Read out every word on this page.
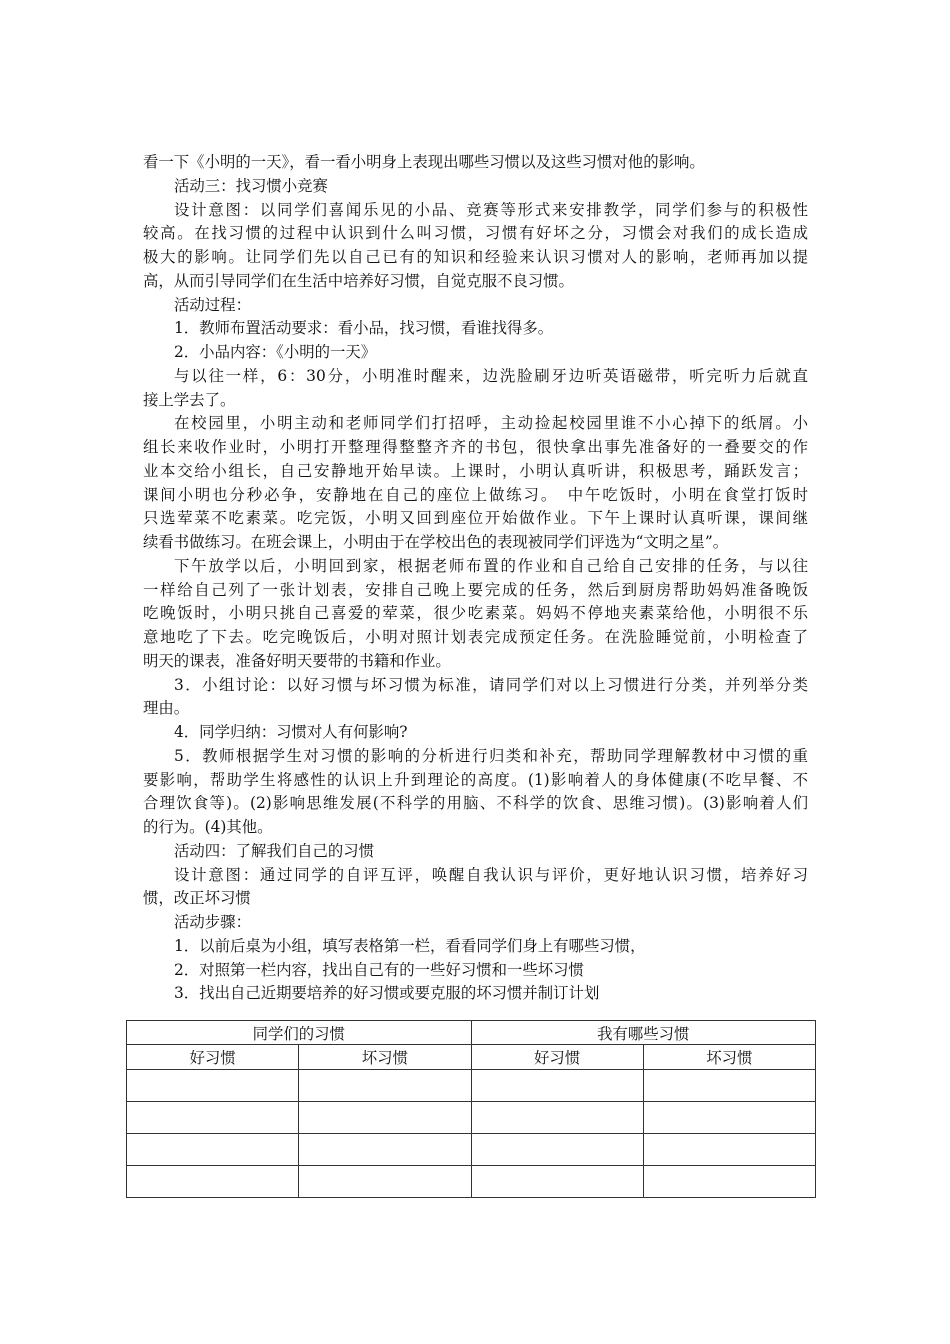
看一下《小明的一天》，看一看小明身上表现出哪些习惯以及这些习惯对他的影响。
活动三：找习惯小竞赛
设计意图：以同学们喜闻乐见的小品、竞赛等形式来安排教学，同学们参与的积极性
较高。在找习惯的过程中认识到什么叫习惯，习惯有好坏之分，习惯会对我们的成长造成
极大的影响。让同学们先以自己已有的知识和经验来认识习惯对人的影响，老师再加以提
高，从而引导同学们在生活中培养好习惯，自觉克服不良习惯。
活动过程：
1．教师布置活动要求：看小品，找习惯，看谁找得多。
2．小品内容：《小明的一天》
与以往一样，6：30分，小明准时醒来，边洗脸刷牙边听英语磁带，听完听力后就直
接上学去了。
在校园里，小明主动和老师同学们打招呼，主动捡起校园里谁不小心掉下的纸屑。小
组长来收作业时，小明打开整理得整整齐齐的书包，很快拿出事先准备好的一叠要交的作
业本交给小组长，自己安静地开始早读。上课时，小明认真听讲，积极思考，踊跃发言；
课间小明也分秒必争，安静地在自己的座位上做练习。　中午吃饭时，小明在食堂打饭时
只选荤菜不吃素菜。吃完饭，小明又回到座位开始做作业。下午上课时认真听课，课间继
续看书做练习。在班会课上，小明由于在学校出色的表现被同学们评选为“文明之星”。
下午放学以后，小明回到家，根据老师布置的作业和自己给自己安排的任务，与以往
一样给自己列了一张计划表，安排自己晚上要完成的任务，然后到厨房帮助妈妈准备晚饭
吃晚饭时，小明只挑自己喜爱的荤菜，很少吃素菜。妈妈不停地夹素菜给他，小明很不乐
意地吃了下去。吃完晚饭后，小明对照计划表完成预定任务。在洗脸睡觉前，小明检查了
明天的课表，准备好明天要带的书籍和作业。
3．小组讨论：以好习惯与坏习惯为标准，请同学们对以上习惯进行分类，并列举分类
理由。
4．同学归纳：习惯对人有何影响?
5．教师根据学生对习惯的影响的分析进行归类和补充，帮助同学理解教材中习惯的重
要影响，帮助学生将感性的认识上升到理论的高度。(1)影响着人的身体健康(不吃早餐、不
合理饮食等)。(2)影响思维发展(不科学的用脑、不科学的饮食、思维习惯)。(3)影响着人们
的行为。(4)其他。
活动四：了解我们自己的习惯
设计意图：通过同学的自评互评，唤醒自我认识与评价，更好地认识习惯，培养好习
惯，改正坏习惯
活动步骤：
1．以前后桌为小组，填写表格第一栏，看看同学们身上有哪些习惯，
2．对照第一栏内容，找出自己有的一些好习惯和一些坏习惯
3．找出自己近期要培养的好习惯或要克服的坏习惯并制订计划
同学们的习惯		我有哪些习惯	
好习惯	坏习惯	好习惯	坏习惯
